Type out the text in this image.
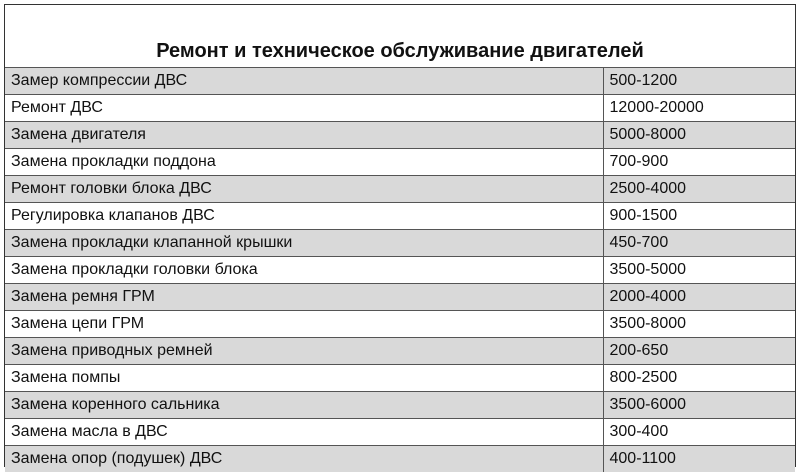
Ремонт и техническое обслуживание двигателей
Замер компрессии ДВС	500-1200
Ремонт ДВС	12000-20000
Замена двигателя	5000-8000
Замена прокладки поддона	700-900
Ремонт головки блока ДВС	2500-4000
Регулировка клапанов ДВС	900-1500
Замена прокладки клапанной крышки	450-700
Замена прокладки головки блока	3500-5000
Замена ремня ГРМ	2000-4000
Замена цепи ГРМ	3500-8000
Замена приводных ремней	200-650
Замена помпы	800-2500
Замена коренного сальника	3500-6000
Замена масла в ДВС	300-400
Замена опор (подушек) ДВС	400-1100
